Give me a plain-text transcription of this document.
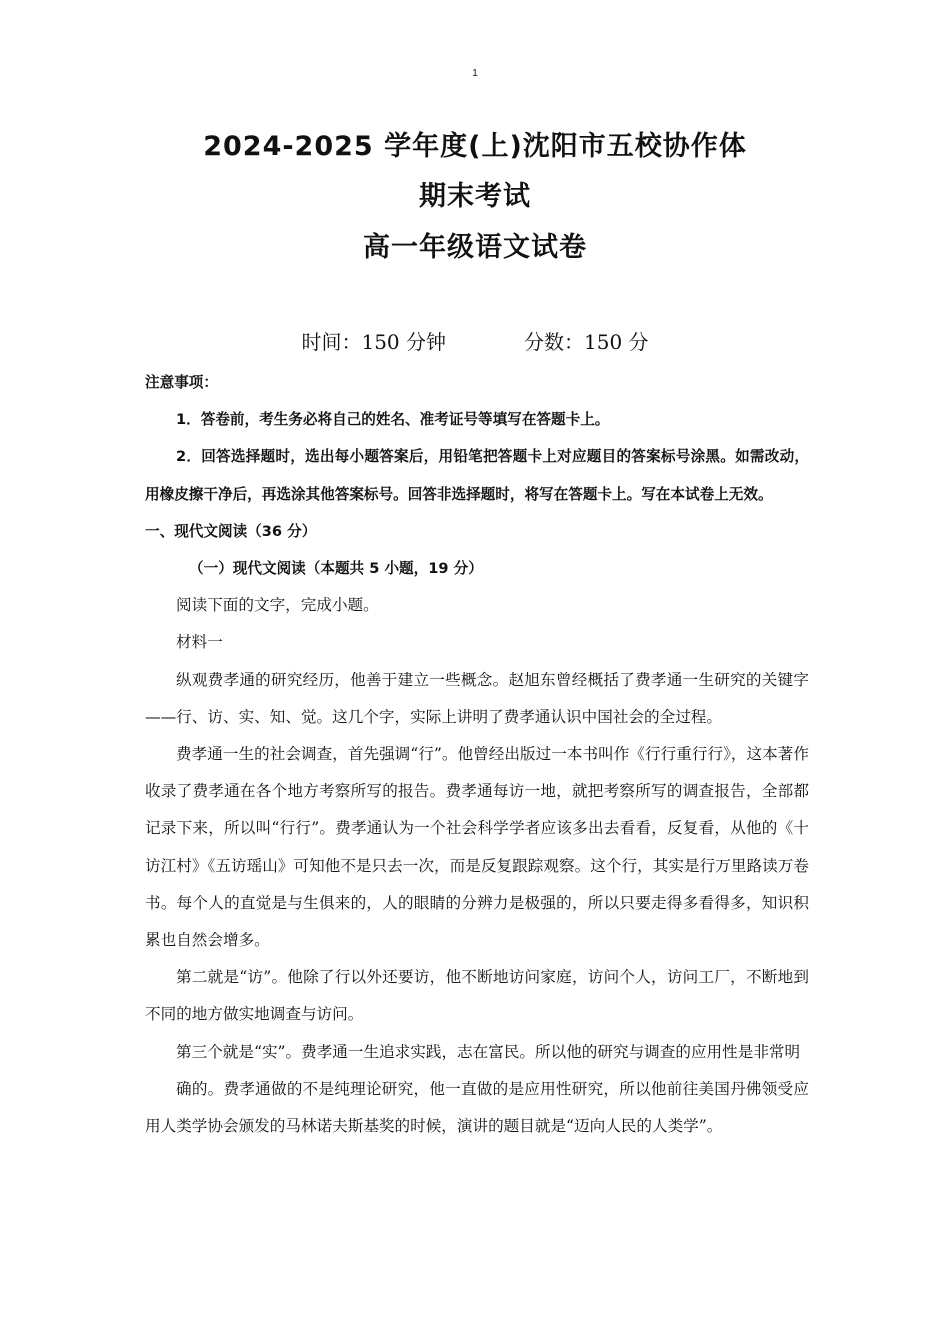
1
2024-2025 学年度(上)沈阳市五校协作体
期末考试
高一年级语文试卷
时间：150 分钟	分数：150 分

注意事项：

1．答卷前，考生务必将自己的姓名、准考证号等填写在答题卡上。

2．回答选择题时，选出每小题答案后，用铅笔把答题卡上对应题目的答案标号涂黑。如需改动，用橡皮擦干净后，再选涂其他答案标号。回答非选择题时，将写在答题卡上。写在本试卷上无效。

一、现代文阅读（36 分）

（一）现代文阅读（本题共 5 小题，19 分）

阅读下面的文字，完成小题。

材料一

纵观费孝通的研究经历，他善于建立一些概念。赵旭东曾经概括了费孝通一生研究的关键字——行、访、实、知、觉。这几个字，实际上讲明了费孝通认识中国社会的全过程。

费孝通一生的社会调查，首先强调“行”。他曾经出版过一本书叫作《行行重行行》，这本著作收录了费孝通在各个地方考察所写的报告。费孝通每访一地，就把考察所写的调查报告，全部都记录下来，所以叫“行行”。费孝通认为一个社会科学学者应该多出去看看，反复看，从他的《十访江村》《五访瑶山》可知他不是只去一次，而是反复跟踪观察。这个行，其实是行万里路读万卷书。每个人的直觉是与生俱来的，人的眼睛的分辨力是极强的，所以只要走得多看得多，知识积累也自然会增多。

第二就是“访”。他除了行以外还要访，他不断地访问家庭，访问个人，访问工厂，不断地到不同的地方做实地调查与访问。

第三个就是“实”。费孝通一生追求实践，志在富民。所以他的研究与调查的应用性是非常明

确的。费孝通做的不是纯理论研究，他一直做的是应用性研究，所以他前往美国丹佛领受应用人类学协会颁发的马林诺夫斯基奖的时候，演讲的题目就是“迈向人民的人类学”。
